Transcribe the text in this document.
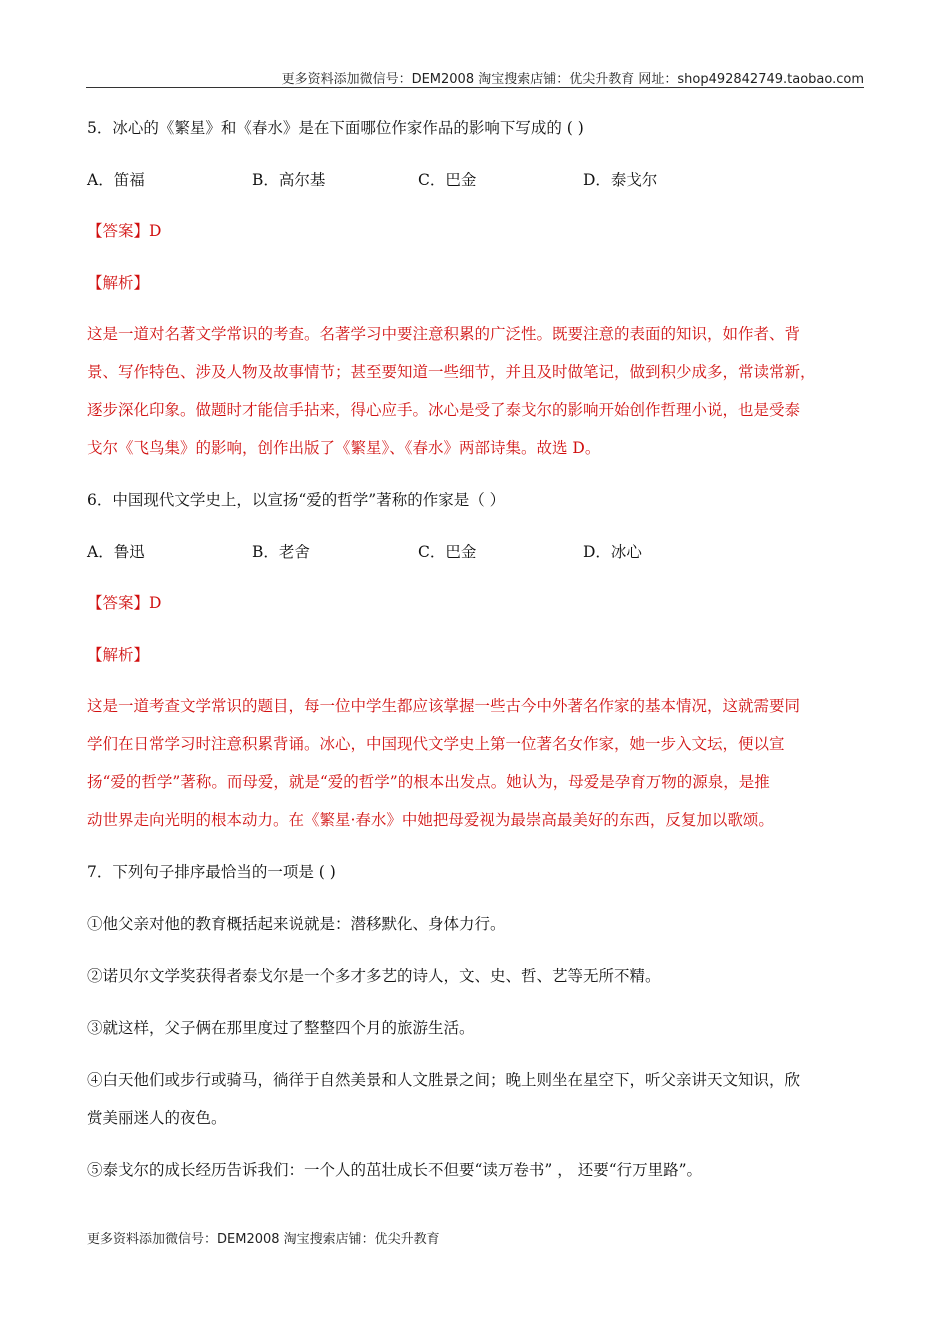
更多资料添加微信号：DEM2008 淘宝搜索店铺：优尖升教育 网址：shop492842749.taobao.com
5．冰心的《繁星》和《春水》是在下面哪位作家作品的影响下写成的 ( )
A．笛福	B．高尔基	C．巴金	D．泰戈尔
【答案】D
【解析】
这是一道对名著文学常识的考查。名著学习中要注意积累的广泛性。既要注意的表面的知识，如作者、背
景、写作特色、涉及人物及故事情节；甚至要知道一些细节，并且及时做笔记，做到积少成多，常读常新，
逐步深化印象。做题时才能信手拈来，得心应手。冰心是受了泰戈尔的影响开始创作哲理小说，也是受泰
戈尔《飞鸟集》的影响，创作出版了《繁星》、《春水》两部诗集。故选 D。
6．中国现代文学史上，以宣扬“爱的哲学”著称的作家是（ ）
A．鲁迅	B．老舍	C．巴金	D．冰心
【答案】D
【解析】
这是一道考查文学常识的题目，每一位中学生都应该掌握一些古今中外著名作家的基本情况，这就需要同
学们在日常学习时注意积累背诵。冰心，中国现代文学史上第一位著名女作家，她一步入文坛，便以宣
扬“爱的哲学”著称。而母爱，就是“爱的哲学”的根本出发点。她认为，母爱是孕育万物的源泉，是推
动世界走向光明的根本动力。在《繁星·春水》中她把母爱视为最崇高最美好的东西，反复加以歌颂。
7．下列句子排序最恰当的一项是 ( )
①他父亲对他的教育概括起来说就是：潜移默化、身体力行。
②诺贝尔文学奖获得者泰戈尔是一个多才多艺的诗人，文、史、哲、艺等无所不精。
③就这样，父子俩在那里度过了整整四个月的旅游生活。
④白天他们或步行或骑马，徜徉于自然美景和人文胜景之间；晚上则坐在星空下，听父亲讲天文知识，欣
赏美丽迷人的夜色。
⑤泰戈尔的成长经历告诉我们：一个人的茁壮成长不但要“读万卷书” ， 还要“行万里路”。
更多资料添加微信号：DEM2008 淘宝搜索店铺：优尖升教育
